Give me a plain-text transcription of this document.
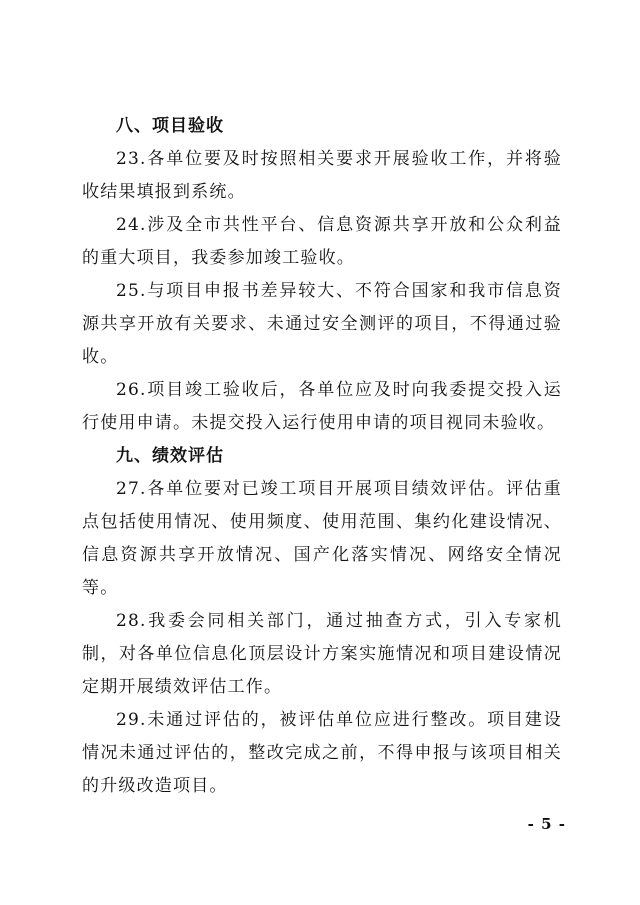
八、项目验收

23.各单位要及时按照相关要求开展验收工作，并将验收结果填报到系统。

24.涉及全市共性平台、信息资源共享开放和公众利益的重大项目，我委参加竣工验收。

25.与项目申报书差异较大、不符合国家和我市信息资源共享开放有关要求、未通过安全测评的项目，不得通过验收。

26.项目竣工验收后，各单位应及时向我委提交投入运行使用申请。未提交投入运行使用申请的项目视同未验收。

九、绩效评估

27.各单位要对已竣工项目开展项目绩效评估。评估重点包括使用情况、使用频度、使用范围、集约化建设情况、信息资源共享开放情况、国产化落实情况、网络安全情况等。

28.我委会同相关部门，通过抽查方式，引入专家机制，对各单位信息化顶层设计方案实施情况和项目建设情况定期开展绩效评估工作。

29.未通过评估的，被评估单位应进行整改。项目建设情况未通过评估的，整改完成之前，不得申报与该项目相关的升级改造项目。

- 5 -
